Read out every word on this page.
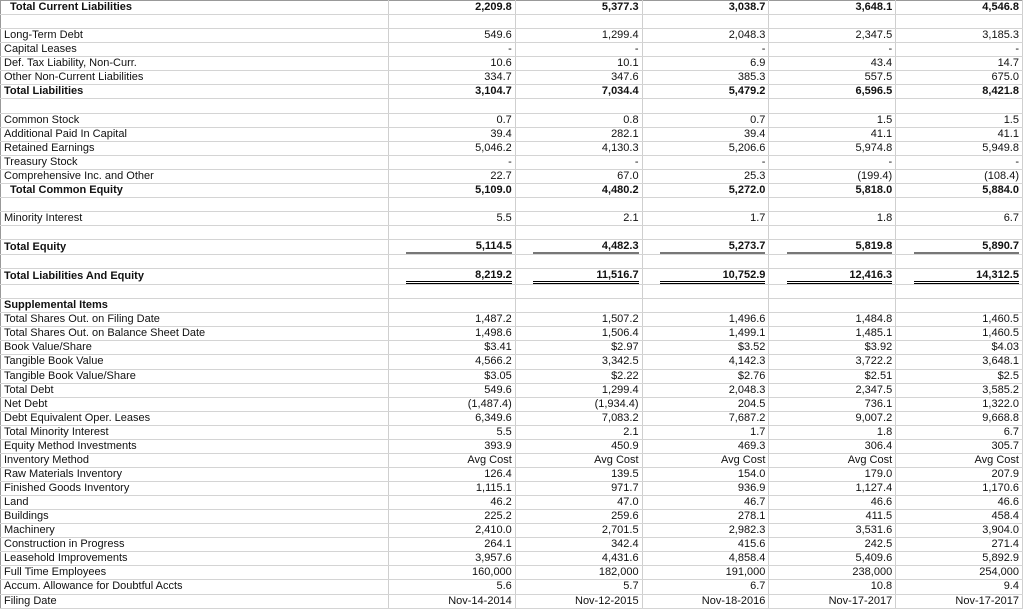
Total Current Liabilities	2,209.8	5,377.3	3,038.7	3,648.1	4,546.8

Long-Term Debt	549.6	1,299.4	2,048.3	2,347.5	3,185.3
Capital Leases	-	-	-	-	-
Def. Tax Liability, Non-Curr.	10.6	10.1	6.9	43.4	14.7
Other Non-Current Liabilities	334.7	347.6	385.3	557.5	675.0
Total Liabilities	3,104.7	7,034.4	5,479.2	6,596.5	8,421.8

Common Stock	0.7	0.8	0.7	1.5	1.5
Additional Paid In Capital	39.4	282.1	39.4	41.1	41.1
Retained Earnings	5,046.2	4,130.3	5,206.6	5,974.8	5,949.8
Treasury Stock	-	-	-	-	-
Comprehensive Inc. and Other	22.7	67.0	25.3	(199.4)	(108.4)
Total Common Equity	5,109.0	4,480.2	5,272.0	5,818.0	5,884.0

Minority Interest	5.5	2.1	1.7	1.8	6.7

Total Equity	5,114.5	4,482.3	5,273.7	5,819.8	5,890.7

Total Liabilities And Equity	8,219.2	11,516.7	10,752.9	12,416.3	14,312.5

Supplemental Items					
Total Shares Out. on Filing Date	1,487.2	1,507.2	1,496.6	1,484.8	1,460.5
Total Shares Out. on Balance Sheet Date	1,498.6	1,506.4	1,499.1	1,485.1	1,460.5
Book Value/Share	$3.41	$2.97	$3.52	$3.92	$4.03
Tangible Book Value	4,566.2	3,342.5	4,142.3	3,722.2	3,648.1
Tangible Book Value/Share	$3.05	$2.22	$2.76	$2.51	$2.5
Total Debt	549.6	1,299.4	2,048.3	2,347.5	3,585.2
Net Debt	(1,487.4)	(1,934.4)	204.5	736.1	1,322.0
Debt Equivalent Oper. Leases	6,349.6	7,083.2	7,687.2	9,007.2	9,668.8
Total Minority Interest	5.5	2.1	1.7	1.8	6.7
Equity Method Investments	393.9	450.9	469.3	306.4	305.7
Inventory Method	Avg Cost	Avg Cost	Avg Cost	Avg Cost	Avg Cost
Raw Materials Inventory	126.4	139.5	154.0	179.0	207.9
Finished Goods Inventory	1,115.1	971.7	936.9	1,127.4	1,170.6
Land	46.2	47.0	46.7	46.6	46.6
Buildings	225.2	259.6	278.1	411.5	458.4
Machinery	2,410.0	2,701.5	2,982.3	3,531.6	3,904.0
Construction in Progress	264.1	342.4	415.6	242.5	271.4
Leasehold Improvements	3,957.6	4,431.6	4,858.4	5,409.6	5,892.9
Full Time Employees	160,000	182,000	191,000	238,000	254,000
Accum. Allowance for Doubtful Accts	5.6	5.7	6.7	10.8	9.4
Filing Date	Nov-14-2014	Nov-12-2015	Nov-18-2016	Nov-17-2017	Nov-17-2017
